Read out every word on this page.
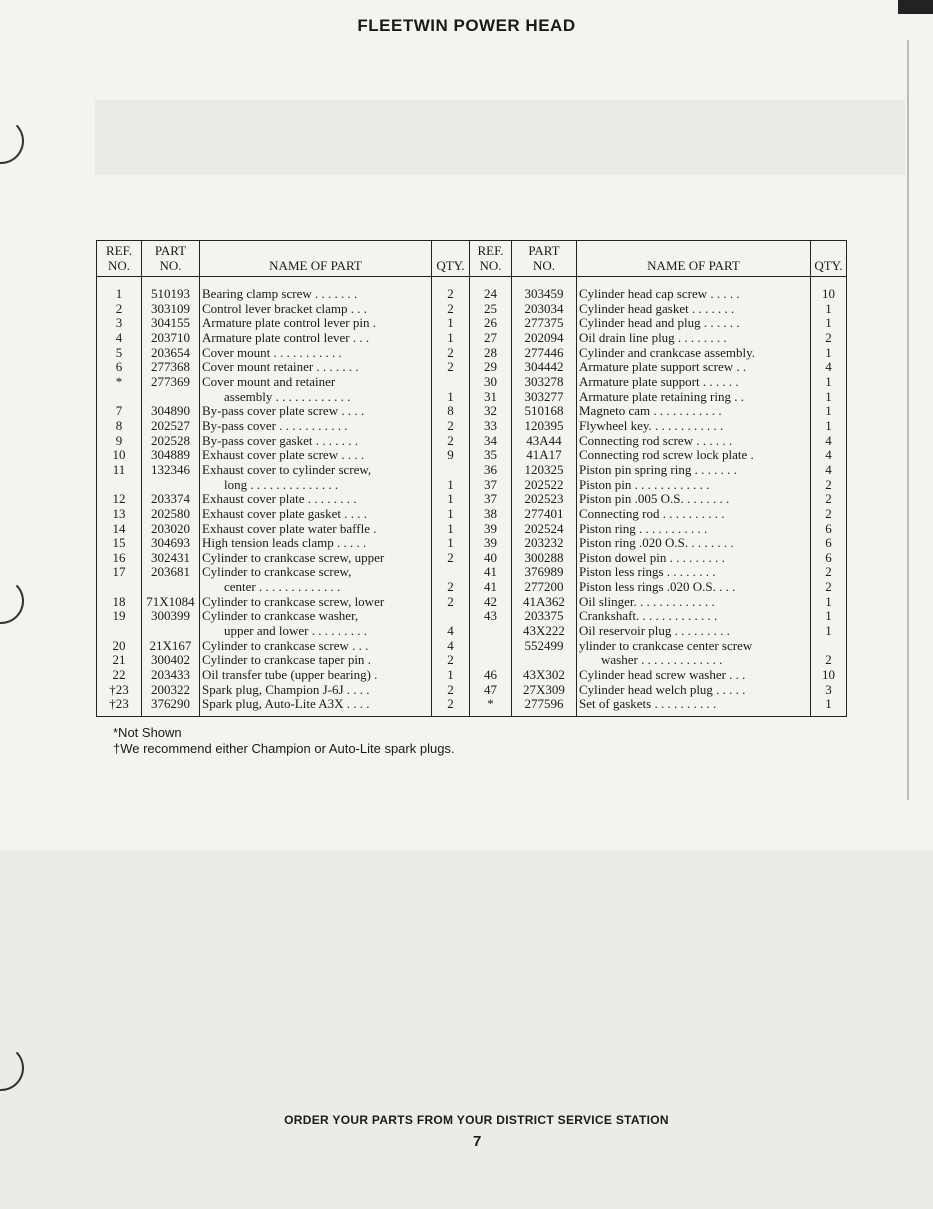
FLEETWIN POWER HEAD
REF.
NO.	PART
NO.	NAME OF PART	QTY.
1	510193	Bearing clamp screw . . . . . . .	2
2	303109	Control lever bracket clamp . . .	2
3	304155	Armature plate control lever pin .	1
4	203710	Armature plate control lever . . .	1
5	203654	Cover mount . . . . . . . . . . .	2
6	277368	Cover mount retainer . . . . . . .	2
*	277369	Cover mount and retainer	
		assembly . . . . . . . . . . . .	1
7	304890	By-pass cover plate screw . . . .	8
8	202527	By-pass cover . . . . . . . . . . .	2
9	202528	By-pass cover gasket . . . . . . .	2
10	304889	Exhaust cover plate screw . . . .	9
11	132346	Exhaust cover to cylinder screw,	
		long . . . . . . . . . . . . . .	1
12	203374	Exhaust cover plate . . . . . . . .	1
13	202580	Exhaust cover plate gasket . . . .	1
14	203020	Exhaust cover plate water baffle .	1
15	304693	High tension leads clamp . . . . .	1
16	302431	Cylinder to crankcase screw, upper	2
17	203681	Cylinder to crankcase screw,	
		center . . . . . . . . . . . . .	2
18	71X1084	Cylinder to crankcase screw, lower	2
19	300399	Cylinder to crankcase washer,	
		upper and lower . . . . . . . . .	4
20	21X167	Cylinder to crankcase screw . . .	4
21	300402	Cylinder to crankcase taper pin .	2
22	203433	Oil transfer tube (upper bearing) .	1
†23	200322	Spark plug, Champion J-6J . . . .	2
†23	376290	Spark plug, Auto-Lite A3X . . . .	2
REF.
NO.	PART
NO.	NAME OF PART	QTY.
24	303459	Cylinder head cap screw . . . . .	10
25	203034	Cylinder head gasket . . . . . . .	1
26	277375	Cylinder head and plug . . . . . .	1
27	202094	Oil drain line plug . . . . . . . .	2
28	277446	Cylinder and crankcase assembly.	1
29	304442	Armature plate support screw . .	4
30	303278	Armature plate support . . . . . .	1
31	303277	Armature plate retaining ring . .	1
32	510168	Magneto cam . . . . . . . . . . .	1
33	120395	Flywheel key. . . . . . . . . . . .	1
34	43A44	Connecting rod screw . . . . . .	4
35	41A17	Connecting rod screw lock plate .	4
36	120325	Piston pin spring ring . . . . . . .	4
37	202522	Piston pin . . . . . . . . . . . .	2
37	202523	Piston pin .005 O.S. . . . . . . .	2
38	277401	Connecting rod . . . . . . . . . .	2
39	202524	Piston ring . . . . . . . . . . .	6
39	203232	Piston ring .020 O.S. . . . . . . .	6
40	300288	Piston dowel pin . . . . . . . . .	6
41	376989	Piston less rings . . . . . . . .	2
41	277200	Piston less rings .020 O.S. . . .	2
42	41A362	Oil slinger. . . . . . . . . . . . .	1
43	203375	Crankshaft. . . . . . . . . . . . .	1
	43X222	Oil reservoir plug . . . . . . . . .	1
	552499	ylinder to crankcase center screw	
		washer . . . . . . . . . . . . .	2
46	43X302	Cylinder head screw washer . . .	10
47	27X309	Cylinder head welch plug . . . . .	3
*	277596	Set of gaskets . . . . . . . . . .	1
*Not Shown
†We recommend either Champion or Auto-Lite spark plugs.
ORDER YOUR PARTS FROM YOUR DISTRICT SERVICE STATION
7
